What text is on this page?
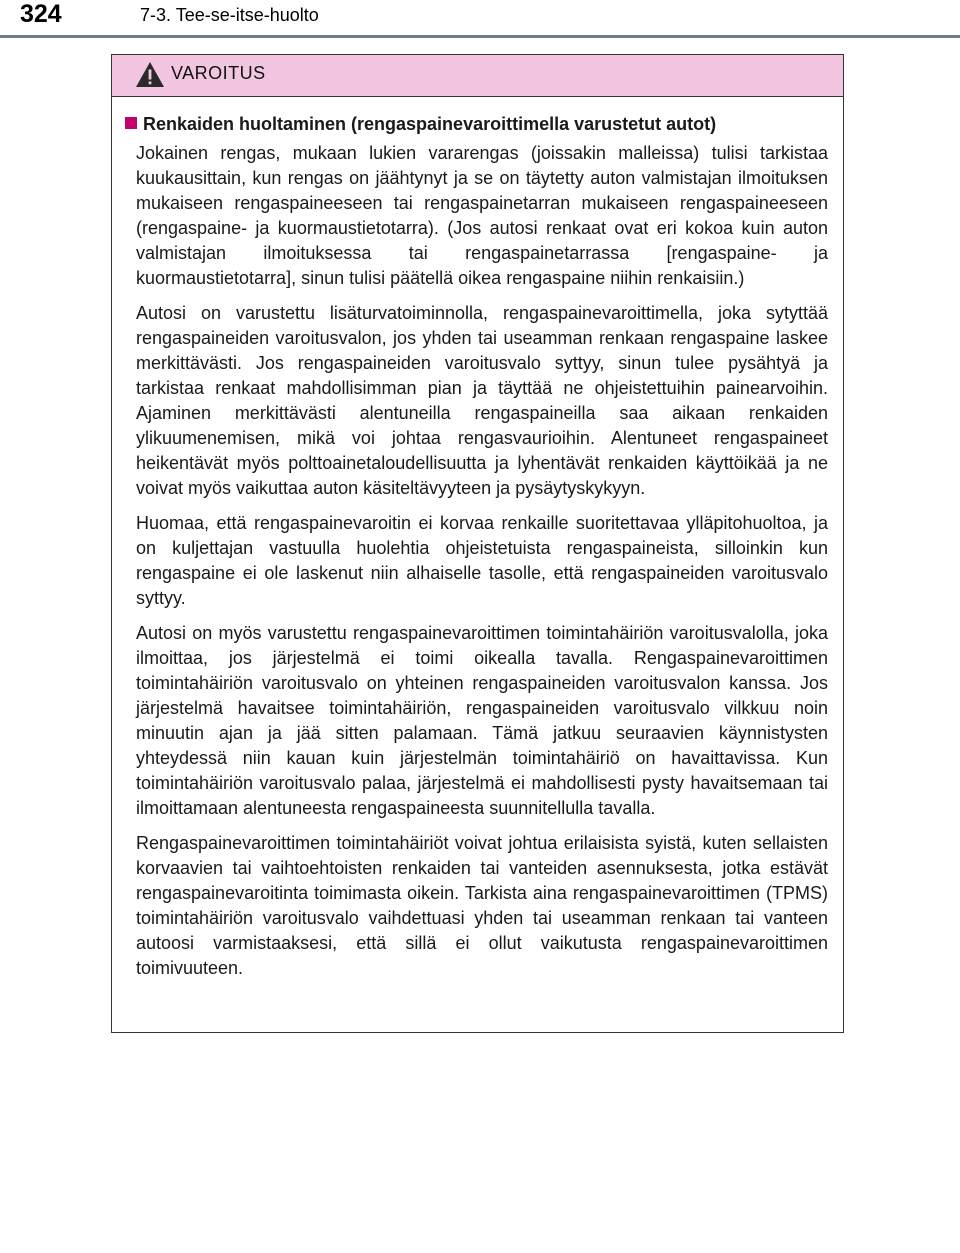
324	7-3. Tee-se-itse-huolto
VAROITUS
Renkaiden huoltaminen (rengaspainevaroittimella varustetut autot)

Jokainen rengas, mukaan lukien vararengas (joissakin malleissa) tulisi tarkistaa kuukausittain, kun rengas on jäähtynyt ja se on täytetty auton valmistajan ilmoituksen mukaiseen rengaspaineeseen tai rengaspainetarran mukaiseen rengaspaineeseen (rengaspaine- ja kuormaustietotarra). (Jos autosi renkaat ovat eri kokoa kuin auton valmistajan ilmoituksessa tai rengaspainetarrassa [rengaspaine- ja kuormaustietotarra], sinun tulisi päätellä oikea rengaspaine niihin renkaisiin.)

Autosi on varustettu lisäturvatoiminnolla, rengaspainevaroittimella, joka sytyttää rengaspaineiden varoitusvalon, jos yhden tai useamman renkaan rengaspaine laskee merkittävästi. Jos rengaspaineiden varoitusvalo syttyy, sinun tulee pysähtyä ja tarkistaa renkaat mahdollisimman pian ja täyttää ne ohjeistettuihin painearvoihin. Ajaminen merkittävästi alentuneilla rengaspaineilla saa aikaan renkaiden ylikuumenemisen, mikä voi johtaa rengasvaurioihin. Alentuneet rengaspaineet heikentävät myös polttoainetaloudellisuutta ja lyhentävät renkaiden käyttöikää ja ne voivat myös vaikuttaa auton käsiteltävyyteen ja pysäytyskykyyn.

Huomaa, että rengaspainevaroitin ei korvaa renkaille suoritettavaa ylläpitohuoltoa, ja on kuljettajan vastuulla huolehtia ohjeistetuista rengaspaineista, silloinkin kun rengaspaine ei ole laskenut niin alhaiselle tasolle, että rengaspaineiden varoitusvalo syttyy.

Autosi on myös varustettu rengaspainevaroittimen toimintahäiriön varoitusvalolla, joka ilmoittaa, jos järjestelmä ei toimi oikealla tavalla. Rengaspainevaroittimen toimintahäiriön varoitusvalo on yhteinen rengaspaineiden varoitusvalon kanssa. Jos järjestelmä havaitsee toimintahäiriön, rengaspaineiden varoitusvalo vilkkuu noin minuutin ajan ja jää sitten palamaan. Tämä jatkuu seuraavien käynnistysten yhteydessä niin kauan kuin järjestelmän toimintahäiriö on havaittavissa. Kun toimintahäiriön varoitusvalo palaa, järjestelmä ei mahdollisesti pysty havaitsemaan tai ilmoittamaan alentuneesta rengaspaineesta suunnitellulla tavalla.

Rengaspainevaroittimen toimintahäiriöt voivat johtua erilaisista syistä, kuten sellaisten korvaavien tai vaihtoehtoisten renkaiden tai vanteiden asennuksesta, jotka estävät rengaspainevaroitinta toimimasta oikein. Tarkista aina rengaspainevaroittimen (TPMS) toimintahäiriön varoitusvalo vaihdettuasi yhden tai useamman renkaan tai vanteen autoosi varmistaaksesi, että sillä ei ollut vaikutusta rengaspainevaroittimen toimivuuteen.
